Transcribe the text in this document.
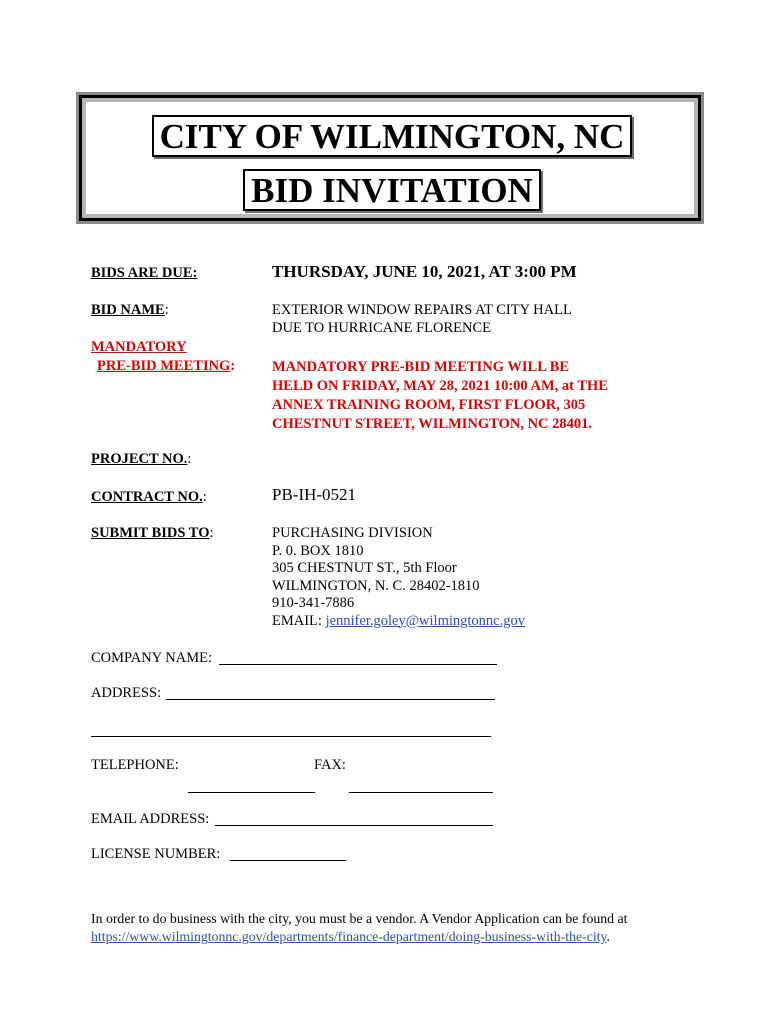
CITY OF WILMINGTON, NC
BID INVITATION
BIDS ARE DUE:	THURSDAY, JUNE 10, 2021, AT 3:00 PM
BID NAME:	EXTERIOR WINDOW REPAIRS AT CITY HALL
DUE TO HURRICANE FLORENCE
MANDATORY
PRE-BID MEETING:	MANDATORY PRE-BID MEETING WILL BE
HELD ON FRIDAY, MAY 28, 2021 10:00 AM, at THE
ANNEX TRAINING ROOM, FIRST FLOOR, 305
CHESTNUT STREET, WILMINGTON, NC 28401.
PROJECT NO.:
CONTRACT NO.:	PB-IH-0521
SUBMIT BIDS TO:	PURCHASING DIVISION
P. 0. BOX 1810
305 CHESTNUT ST., 5th Floor
WILMINGTON, N. C. 28402-1810
910-341-7886
EMAIL: jennifer.goley@wilmingtonnc.gov
COMPANY NAME:
ADDRESS:
TELEPHONE:	FAX:
EMAIL ADDRESS:
LICENSE NUMBER:
In order to do business with the city, you must be a vendor. A Vendor Application can be found at
https://www.wilmingtonnc.gov/departments/finance-department/doing-business-with-the-city.
